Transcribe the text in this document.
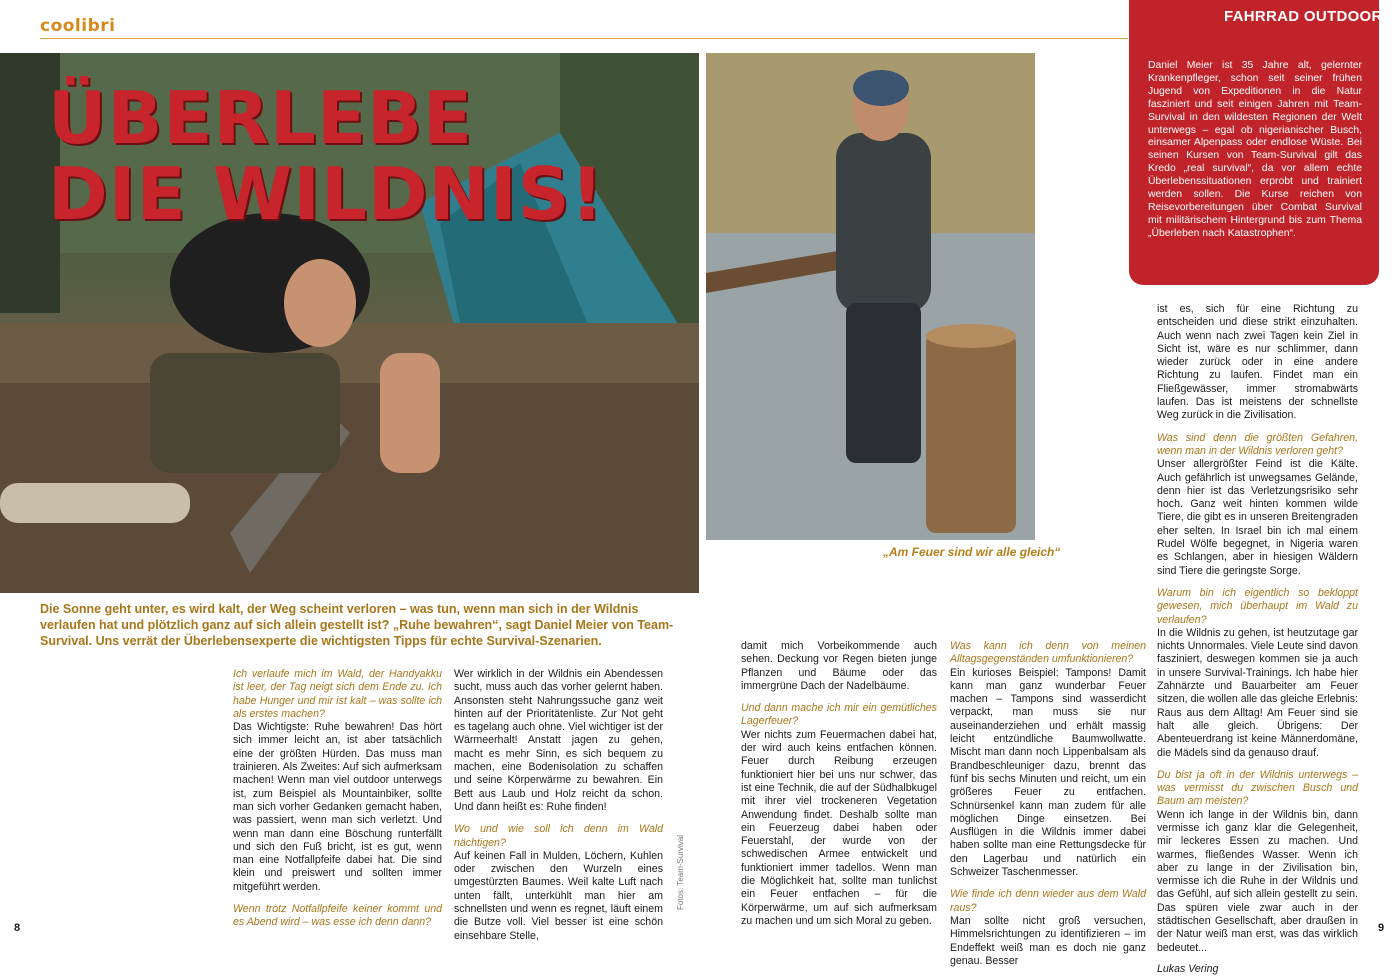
coolibri
ÜBERLEBE
DIE WILDNIS!
„Am Feuer sind wir alle gleich“
FAHRRAD OUTDOOR
Daniel Meier ist 35 Jahre alt, gelernter Krankenpfleger, schon seit seiner frühen Jugend von Expeditionen in die Natur fasziniert und seit einigen Jahren mit Team-Survival in den wildesten Regionen der Welt unterwegs – egal ob nigerianischer Busch, einsamer Alpenpass oder endlose Wüste. Bei seinen Kursen von Team-Survival gilt das Kredo „real survival“, da vor allem echte Überlebenssituationen erprobt und trainiert werden sollen. Die Kurse reichen von Reisevorbereitungen über Combat Survival mit militärischem Hintergrund bis zum Thema „Überleben nach Katastrophen“.
Die Sonne geht unter, es wird kalt, der Weg scheint verloren – was tun, wenn man sich in der Wildnis verlaufen hat und plötzlich ganz auf sich allein gestellt ist? „Ruhe bewahren“, sagt Daniel Meier von Team-Survival. Uns verrät der Überlebensexperte die wichtigsten Tipps für echte Survival-Szenarien.

Ich verlaufe mich im Wald, der Handyakku ist leer, der Tag neigt sich dem Ende zu. Ich habe Hunger und mir ist kalt – was sollte ich als erstes machen?

Das Wichtigste: Ruhe bewahren! Das hört sich immer leicht an, ist aber tatsächlich eine der größten Hürden. Das muss man trainieren. Als Zweites: Auf sich aufmerksam machen! Wenn man viel outdoor unterwegs ist, zum Beispiel als Mountainbiker, sollte man sich vorher Gedanken gemacht haben, was passiert, wenn man sich verletzt. Und wenn man dann eine Böschung runterfällt und sich den Fuß bricht, ist es gut, wenn man eine Notfallpfeife dabei hat. Die sind klein und preiswert und sollten immer mitgeführt werden.

Wenn trotz Notfallpfeife keiner kommt und es Abend wird – was esse ich denn dann?

Wer wirklich in der Wildnis ein Abendessen sucht, muss auch das vorher gelernt haben. Ansonsten steht Nahrungssuche ganz weit hinten auf der Prioritätenliste. Zur Not geht es tagelang auch ohne. Viel wichtiger ist der Wärmeerhalt! Anstatt jagen zu gehen, macht es mehr Sinn, es sich bequem zu machen, eine Bodenisolation zu schaffen und seine Körperwärme zu bewahren. Ein Bett aus Laub und Holz reicht da schon. Und dann heißt es: Ruhe finden!

Wo und wie soll ich denn im Wald nächtigen?

Auf keinen Fall in Mulden, Löchern, Kuhlen oder zwischen den Wurzeln eines umgestürzten Baumes. Weil kalte Luft nach unten fällt, unterkühlt man hier am schnellsten und wenn es regnet, läuft einem die Butze voll. Viel besser ist eine schön einsehbare Stelle,

Fotos: Team-Survival

damit mich Vorbeikommende auch sehen. Deckung vor Regen bieten junge Pflanzen und Bäume oder das immergrüne Dach der Nadelbäume.

Und dann mache ich mir ein gemütliches Lagerfeuer?

Wer nichts zum Feuermachen dabei hat, der wird auch keins entfachen können. Feuer durch Reibung erzeugen funktioniert hier bei uns nur schwer, das ist eine Technik, die auf der Südhalbkugel mit ihrer viel trockeneren Vegetation Anwendung findet. Deshalb sollte man ein Feuerzeug dabei haben oder Feuerstahl, der wurde von der schwedischen Armee entwickelt und funktioniert immer tadellos. Wenn man die Möglichkeit hat, sollte man tunlichst ein Feuer entfachen – für die Körperwärme, um auf sich aufmerksam zu machen und um sich Moral zu geben.

Was kann ich denn von meinen Alltagsgegenständen umfunktionieren?

Ein kurioses Beispiel: Tampons! Damit kann man ganz wunderbar Feuer machen – Tampons sind wasserdicht verpackt, man muss sie nur auseinanderziehen und erhält massig leicht entzündliche Baumwollwatte. Mischt man dann noch Lippenbalsam als Brandbeschleuniger dazu, brennt das fünf bis sechs Minuten und reicht, um ein größeres Feuer zu entfachen. Schnürsenkel kann man zudem für alle möglichen Dinge einsetzen. Bei Ausflügen in die Wildnis immer dabei haben sollte man eine Rettungsdecke für den Lagerbau und natürlich ein Schweizer Taschenmesser.

Wie finde ich denn wieder aus dem Wald raus?

Man sollte nicht groß versuchen, Himmelsrichtungen zu identifizieren – im Endeffekt weiß man es doch nie ganz genau. Besser

ist es, sich für eine Richtung zu entscheiden und diese strikt einzuhalten. Auch wenn nach zwei Tagen kein Ziel in Sicht ist, wäre es nur schlimmer, dann wieder zurück oder in eine andere Richtung zu laufen. Findet man ein Fließgewässer, immer stromabwärts laufen. Das ist meistens der schnellste Weg zurück in die Zivilisation.

Was sind denn die größten Gefahren, wenn man in der Wildnis verloren geht?

Unser allergrößter Feind ist die Kälte. Auch gefährlich ist unwegsames Gelände, denn hier ist das Verletzungsrisiko sehr hoch. Ganz weit hinten kommen wilde Tiere, die gibt es in unseren Breitengraden eher selten. In Israel bin ich mal einem Rudel Wölfe begegnet, in Nigeria waren es Schlangen, aber in hiesigen Wäldern sind Tiere die geringste Sorge.

Warum bin ich eigentlich so bekloppt gewesen, mich überhaupt im Wald zu verlaufen?

In die Wildnis zu gehen, ist heutzutage gar nichts Unnormales. Viele Leute sind davon fasziniert, deswegen kommen sie ja auch in unsere Survival-Trainings. Ich habe hier Zahnärzte und Bauarbeiter am Feuer sitzen, die wollen alle das gleiche Erlebnis: Raus aus dem Alltag! Am Feuer sind sie halt alle gleich. Übrigens: Der Abenteuerdrang ist keine Männerdomäne, die Mädels sind da genauso drauf.

Du bist ja oft in der Wildnis unterwegs – was vermisst du zwischen Busch und Baum am meisten?

Wenn ich lange in der Wildnis bin, dann vermisse ich ganz klar die Gelegenheit, mir leckeres Essen zu machen. Und warmes, fließendes Wasser. Wenn ich aber zu lange in der Zivilisation bin, vermisse ich die Ruhe in der Wildnis und das Gefühl, auf sich allein gestellt zu sein. Das spüren viele zwar auch in der städtischen Gesellschaft, aber draußen in der Natur weiß man erst, was das wirklich bedeutet...

Lukas Vering

8	9
